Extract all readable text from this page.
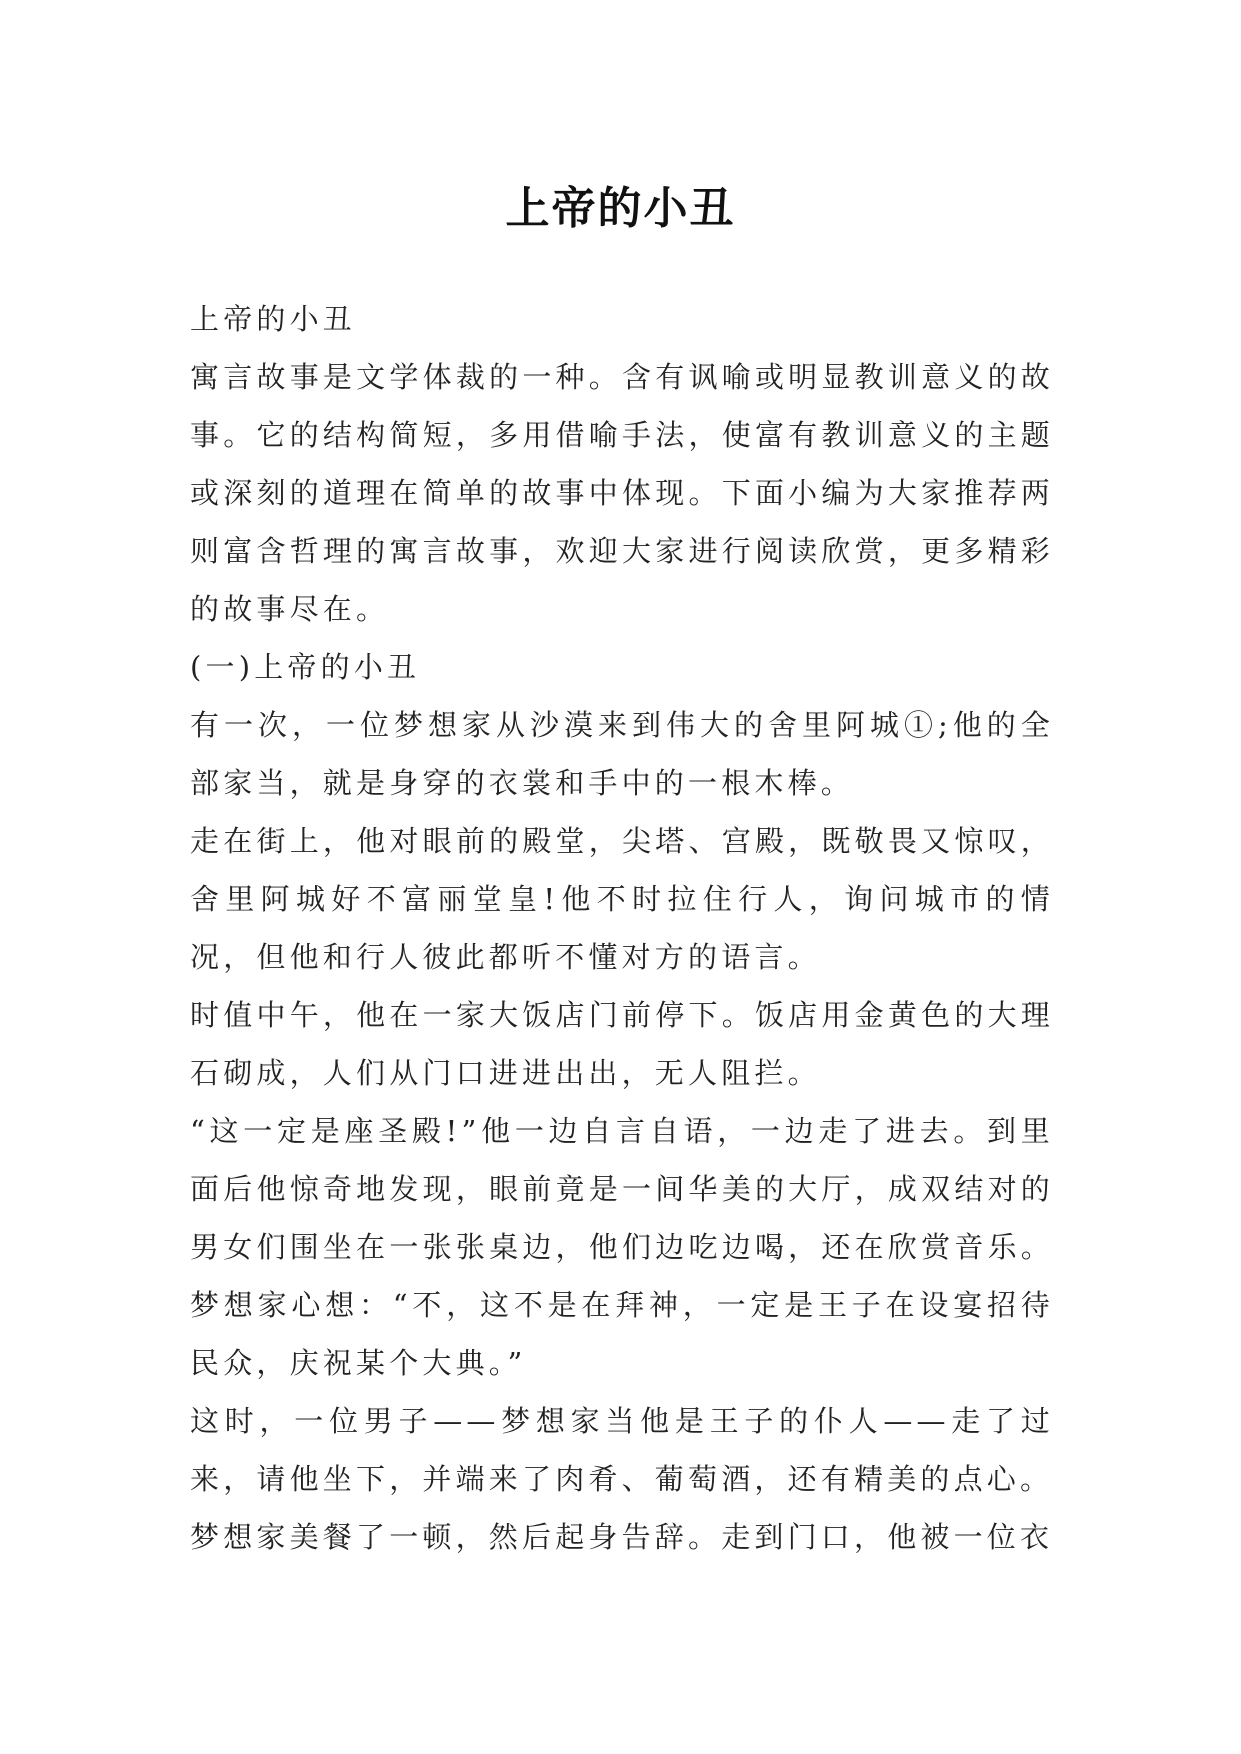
上帝的小丑

上帝的小丑

寓言故事是文学体裁的一种。含有讽喻或明显教训意义的故事。它的结构简短，多用借喻手法，使富有教训意义的主题或深刻的道理在简单的故事中体现。下面小编为大家推荐两则富含哲理的寓言故事，欢迎大家进行阅读欣赏，更多精彩的故事尽在。

(一)上帝的小丑

有一次，一位梦想家从沙漠来到伟大的舍里阿城①;他的全部家当，就是身穿的衣裳和手中的一根木棒。

走在街上，他对眼前的殿堂，尖塔、宫殿，既敬畏又惊叹，舍里阿城好不富丽堂皇!他不时拉住行人，询问城市的情况，但他和行人彼此都听不懂对方的语言。

时值中午，他在一家大饭店门前停下。饭店用金黄色的大理石砌成，人们从门口进进出出，无人阻拦。

“这一定是座圣殿!”他一边自言自语，一边走了进去。到里面后他惊奇地发现，眼前竟是一间华美的大厅，成双结对的男女们围坐在一张张桌边，他们边吃边喝，还在欣赏音乐。梦想家心想：“不，这不是在拜神，一定是王子在设宴招待民众，庆祝某个大典。”

这时，一位男子——梦想家当他是王子的仆人——走了过来，请他坐下，并端来了肉肴、葡萄酒，还有精美的点心。

梦想家美餐了一顿，然后起身告辞。走到门口，他被一位衣
